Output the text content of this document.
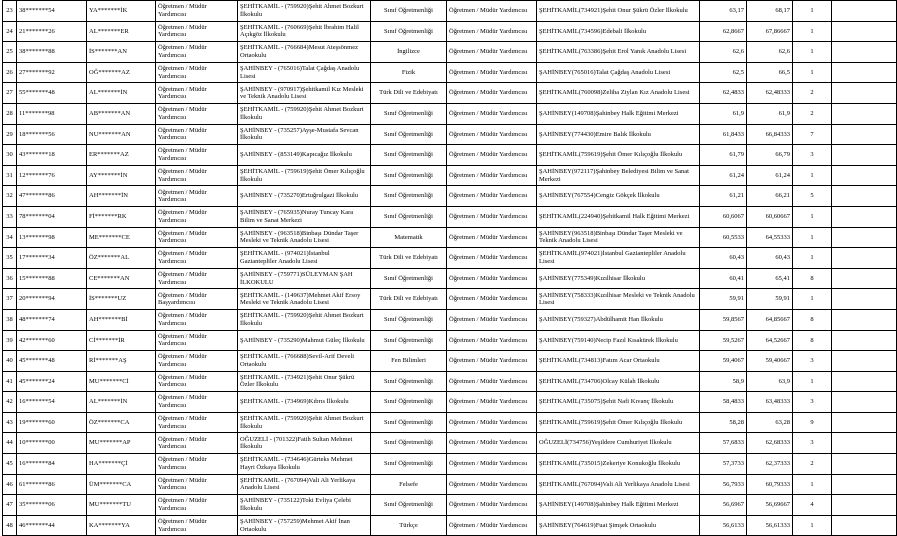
23	38*******54	YA*******İK	Öğretmen / Müdür Yardımcısı	ŞEHİTKAMİL - (759920)Şehit Ahmet Bozkurt İlkokulu	Sınıf Öğretmenliği	Öğretmen / Müdür Yardımcısı	ŞEHİTKAMİL(734921)Şehit Onur Şükrü Özler İlkokulu	63,17	68,17	1	
24	21*******26	AL*******ER	Öğretmen / Müdür Yardımcısı	ŞEHİTKAMİL - (760669)Şehit İbrahim Halil Açıkgöz İlkokulu	Sınıf Öğretmenliği	Öğretmen / Müdür Yardımcısı	ŞEHİTKAMİL(734596)Edebali İlkokulu	62,8667	67,86667	1	
25	38*******88	İS*******AN	Öğretmen / Müdür Yardımcısı	ŞEHİTKAMİL - (766684)Mesut Ateşsönmez Ortaokulu	İngilizce	Öğretmen / Müdür Yardımcısı	ŞEHİTKAMİL(763386)Şehit Erol Yanık Anadolu Lisesi	62,6	62,6	1	
26	27*******92	OĞ*******AZ	Öğretmen / Müdür Yardımcısı	ŞAHİNBEY - (765016)Talat Çağdaş Anadolu Lisesi	Fizik	Öğretmen / Müdür Yardımcısı	ŞAHİNBEY(765016)Talat Çağdaş Anadolu Lisesi	62,5	66,5	1	
27	55*******48	AL*******İN	Öğretmen / Müdür Yardımcısı	ŞAHİNBEY - (970917)Şehitkamil Kız Mesleki ve Teknik Anadolu Lisesi	Türk Dili ve Edebiyatı	Öğretmen / Müdür Yardımcısı	ŞEHİTKAMİL(760098)Zeliha Ziylan Kız Anadolu Lisesi	62,4833	62,48333	2	
28	11*******98	AB*******AN	Öğretmen / Müdür Yardımcısı	ŞEHİTKAMİL - (759920)Şehit Ahmet Bozkurt İlkokulu	Sınıf Öğretmenliği	Öğretmen / Müdür Yardımcısı	ŞAHİNBEY(149708)Şahinbey Halk Eğitimi Merkezi	61,9	61,9	2	
29	18*******56	NU*******AN	Öğretmen / Müdür Yardımcısı	ŞAHİNBEY - (735257)Ayşe-Mustafa Sevcan İlkokulu	Sınıf Öğretmenliği	Öğretmen / Müdür Yardımcısı	ŞAHİNBEY(774430)Emire Balık İlkokulu	61,8433	66,84333	7	
30	43*******18	ER*******AZ	Öğretmen / Müdür Yardımcısı	ŞAHİNBEY - (853149)Kapıcağız İlkokulu	Sınıf Öğretmenliği	Öğretmen / Müdür Yardımcısı	ŞEHİTKAMİL(759619)Şehit Ömer Kılıçoğlu İlkokulu	61,79	66,79	3	
31	12*******76	AY*******İN	Öğretmen / Müdür Yardımcısı	ŞEHİTKAMİL - (759619)Şehit Ömer Kılıçoğlu İlkokulu	Sınıf Öğretmenliği	Öğretmen / Müdür Yardımcısı	ŞAHİNBEY(972117)Şahinbey Belediyesi Bilim ve Sanat Merkezi	61,24	61,24	1	
32	47*******86	AH*******İN	Öğretmen / Müdür Yardımcısı	ŞAHİNBEY - (735270)Ertuğrulgazi İlkokulu	Sınıf Öğretmenliği	Öğretmen / Müdür Yardımcısı	ŞAHİNBEY(767554)Cengiz Gökçek İlkokulu	61,21	66,21	5	
33	78*******04	Fİ*******RK	Öğretmen / Müdür Yardımcısı	ŞAHİNBEY - (765935)Nuray Tuncay Kara Bilim ve Sanat Merkezi	Sınıf Öğretmenliği	Öğretmen / Müdür Yardımcısı	ŞEHİTKAMİL(224940)Şehitkamil Halk Eğitimi Merkezi	60,6067	60,60667	1	
34	13*******98	ME*******CE	Öğretmen / Müdür Yardımcısı	ŞAHİNBEY - (963518)Binbaşı Dündar Taşer Mesleki ve Teknik Anadolu Lisesi	Matematik	Öğretmen / Müdür Yardımcısı	ŞAHİNBEY(963518)Binbaşı Dündar Taşer Mesleki ve Teknik Anadolu Lisesi	60,5533	64,55333	1	
35	17*******34	ÖZ*******AL	Öğretmen / Müdür Yardımcısı	ŞEHİTKAMİL - (974021)İstanbul Gaziantepliler Anadolu Lisesi	Türk Dili ve Edebiyatı	Öğretmen / Müdür Yardımcısı	ŞEHİTKAMİL(974021)İstanbul Gaziantepliler Anadolu Lisesi	60,43	60,43	1	
36	15*******88	CE*******AN	Öğretmen / Müdür Yardımcısı	ŞAHİNBEY - (759771)SÜLEYMAN ŞAH İLKOKULU	Sınıf Öğretmenliği	Öğretmen / Müdür Yardımcısı	ŞAHİNBEY(775349)Kızılhisar İlkokulu	60,41	65,41	8	
37	20*******94	İS*******UZ	Öğretmen / Müdür Başyardımcısı	ŞEHİTKAMİL - (149637)Mehmet Akif Ersoy Mesleki ve Teknik Anadolu Lisesi	Türk Dili ve Edebiyatı	Öğretmen / Müdür Yardımcısı	ŞAHİNBEY(758333)Kızılhisar Mesleki ve Teknik Anadolu Lisesi	59,91	59,91	1	
38	48*******74	AH*******Bİ	Öğretmen / Müdür Yardımcısı	ŞEHİTKAMİL - (759920)Şehit Ahmet Bozkurt İlkokulu	Sınıf Öğretmenliği	Öğretmen / Müdür Yardımcısı	ŞAHİNBEY(759327)Abdülhamit Han İlkokulu	59,8567	64,85667	8	
39	42*******60	Cİ*******İR	Öğretmen / Müdür Yardımcısı	ŞAHİNBEY - (735290)Mahmut Güleç İlkokulu	Sınıf Öğretmenliği	Öğretmen / Müdür Yardımcısı	ŞAHİNBEY(759140)Necip Fazıl Kısakürek İlkokulu	59,5267	64,52667	8	
40	45*******48	Rİ*******AŞ	Öğretmen / Müdür Yardımcısı	ŞEHİTKAMİL - (766688)Sevil-Arif Develi Ortaokulu	Fen Bilimleri	Öğretmen / Müdür Yardımcısı	ŞEHİTKAMİL(734813)Fatım Acar Ortaokulu	59,4067	59,40667	3	
41	45*******24	MU*******Cİ	Öğretmen / Müdür Yardımcısı	ŞEHİTKAMİL - (734921)Şehit Onur Şükrü Özler İlkokulu	Sınıf Öğretmenliği	Öğretmen / Müdür Yardımcısı	ŞEHİTKAMİL(734706)Olcay Külah İlkokulu	58,9	63,9	1	
42	16*******54	AL*******İN	Öğretmen / Müdür Yardımcısı	ŞEHİTKAMİL - (734969)Kıbrıs İlkokulu	Sınıf Öğretmenliği	Öğretmen / Müdür Yardımcısı	ŞEHİTKAMİL(735075)Şehit Nafi Kıvanç İlkokulu	58,4833	63,48333	3	
43	19*******60	ÖZ*******CA	Öğretmen / Müdür Yardımcısı	ŞEHİTKAMİL - (759920)Şehit Ahmet Bozkurt İlkokulu	Sınıf Öğretmenliği	Öğretmen / Müdür Yardımcısı	ŞEHİTKAMİL(759619)Şehit Ömer Kılıçoğlu İlkokulu	58,28	63,28	9	
44	10*******00	MU*******AP	Öğretmen / Müdür Yardımcısı	OĞUZELİ - (701322)Fatih Sultan Mehmet İlkokulu	Sınıf Öğretmenliği	Öğretmen / Müdür Yardımcısı	OĞUZELİ(734756)Yeşildere Cumhuriyet İlkokulu	57,6833	62,68333	3	
45	16*******84	HA*******Çİ	Öğretmen / Müdür Yardımcısı	ŞEHİTKAMİL - (734646)Gürteks Mehmet Hayri Özkaya İlkokulu	Sınıf Öğretmenliği	Öğretmen / Müdür Yardımcısı	ŞEHİTKAMİL(735015)Zekeriye Konukoğlu İlkokulu	57,3733	62,37333	2	
46	61*******86	ÜM*******CA	Öğretmen / Müdür Yardımcısı	ŞEHİTKAMİL - (767094)Vali Ali Yerlikaya Anadolu Lisesi	Felsefe	Öğretmen / Müdür Yardımcısı	ŞEHİTKAMİL(767094)Vali Ali Yerlikaya Anadolu Lisesi	56,7933	60,79333	1	
47	35*******06	MU*******TU	Öğretmen / Müdür Yardımcısı	ŞAHİNBEY - (735122)Toki Evliya Çelebi İlkokulu	Sınıf Öğretmenliği	Öğretmen / Müdür Yardımcısı	ŞAHİNBEY(149708)Şahinbey Halk Eğitimi Merkezi	56,6967	56,69667	4	
48	46*******44	KA*******YA	Öğretmen / Müdür Yardımcısı	ŞAHİNBEY - (757259)Mehmet Akif İnan Ortaokulu	Türkçe	Öğretmen / Müdür Yardımcısı	ŞAHİNBEY(764619)Fuat Şimşek Ortaokulu	56,6133	56,61333	1	
